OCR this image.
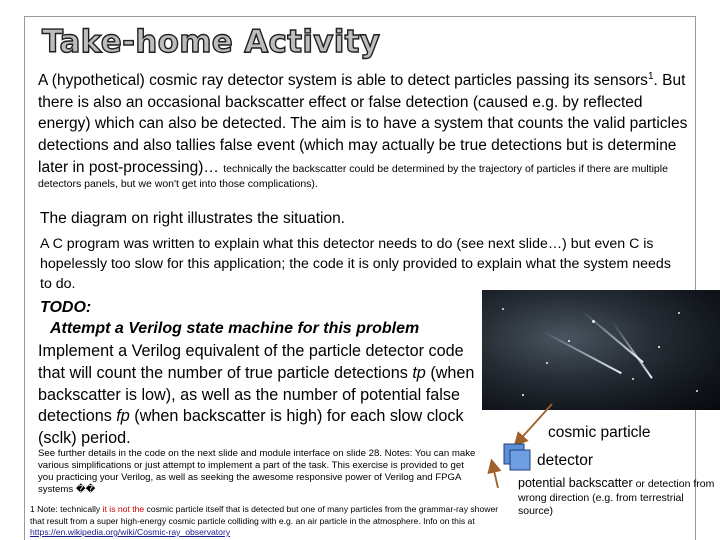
Take-home Activity

A (hypothetical) cosmic ray detector system is able to detect particles passing its sensors$^1$. But there is also an occasional backscatter effect or false detection (caused e.g. by reflected energy) which can also be detected. The aim is to have a system that counts the valid particles detections and also tallies false event (which may actually be true detections but is determine later in post-processing)… technically the backscatter could be determined by the trajectory of particles if there are multiple
detectors panels, but we won't get into those complications).

The diagram on right illustrates the situation.

A C program was written to explain what this detector needs to do (see next slide…) but even C is hopelessly too slow for this application; the code it is only provided to explain what the system needs to do.

TODO:

Attempt a Verilog state machine for this problem

Implement a Verilog equivalent of the particle detector code that will count the number of true particle detections tp (when backscatter is low), as well as the number of potential false detections fp (when backscatter is high) for each slow clock (sclk) period.

See further details in the code on the next slide and module interface on slide 28. Notes: You can make various simplifications or just attempt to implement a part of the task. This exercise is provided to get you practicing your Verilog, as well as seeking the awesome responsive power of Verilog and FPGA systems ��

1 Note: technically it is not the cosmic particle itself that is detected but one of many particles from the grammar-ray shower that result from a super high-energy cosmic particle colliding with e.g. an air particle in the atmosphere. Info on this at https://en.wikipedia.org/wiki/Cosmic-ray_observatory

cosmic particle

detector

potential backscatter or detection from wrong direction (e.g. from terrestrial source)
